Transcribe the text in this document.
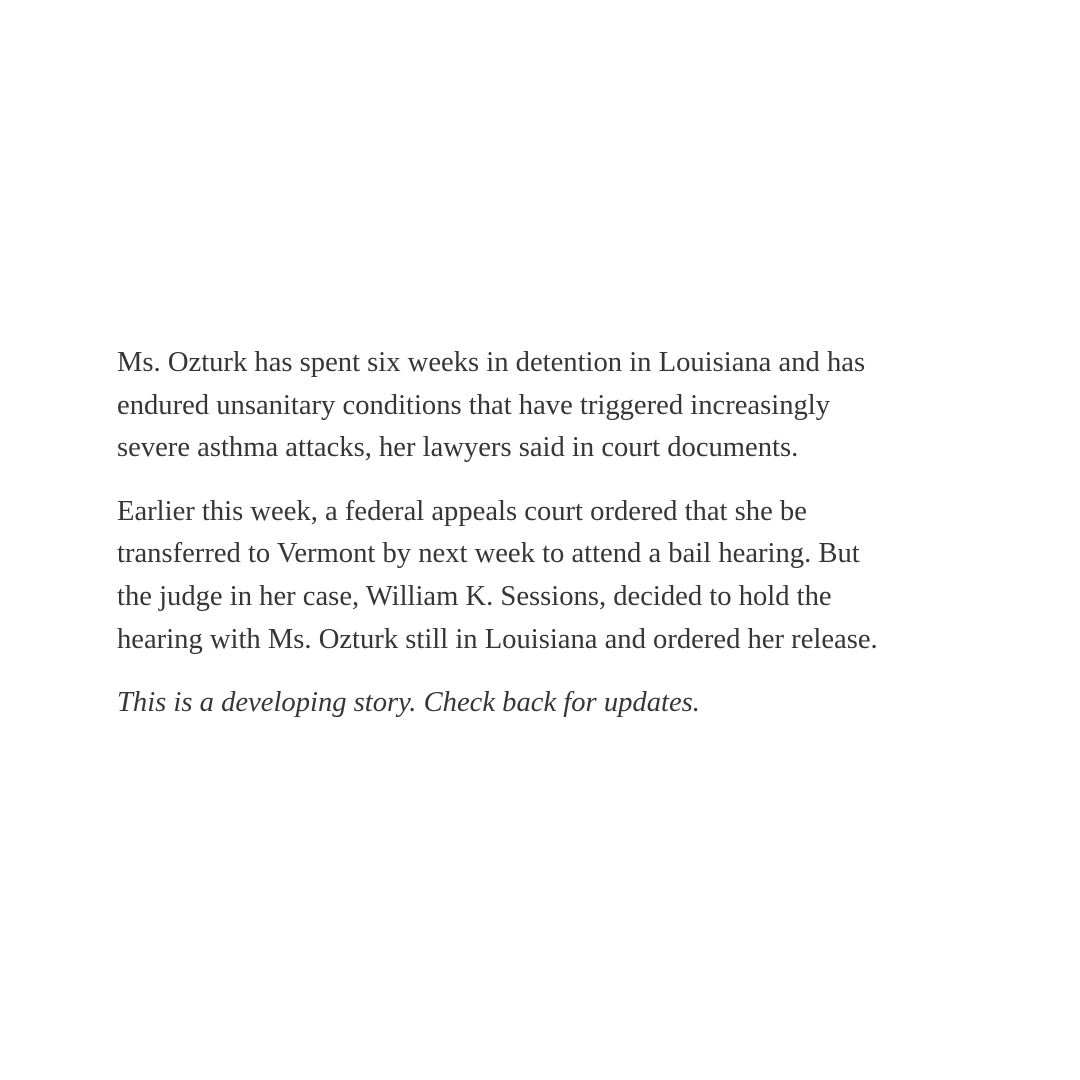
Ms. Ozturk has spent six weeks in detention in Louisiana and has
endured unsanitary conditions that have triggered increasingly
severe asthma attacks, her lawyers said in court documents.

Earlier this week, a federal appeals court ordered that she be
transferred to Vermont by next week to attend a bail hearing. But
the judge in her case, William K. Sessions, decided to hold the
hearing with Ms. Ozturk still in Louisiana and ordered her release.

This is a developing story. Check back for updates.
